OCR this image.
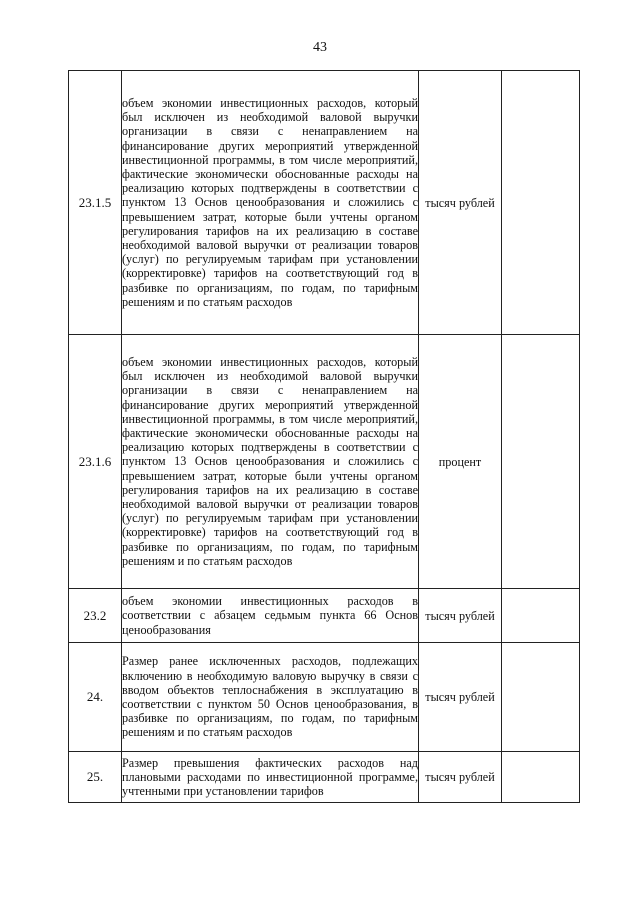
43
23.1.5	объем экономии инвестиционных расходов, который был исключен из необходимой валовой выручки организации в связи с ненаправлением на финансирование других мероприятий утвержденной инвестиционной программы, в том числе мероприятий, фактические экономически обоснованные расходы на реализацию которых подтверждены в соответствии с пунктом 13 Основ ценообразования и сложились с превышением затрат, которые были учтены органом регулирования тарифов на их реализацию в составе необходимой валовой выручки от реализации товаров (услуг) по регулируемым тарифам при установлении (корректировке) тарифов на соответствующий год в разбивке по организациям, по годам, по тарифным решениям и по статьям расходов	тысяч рублей	
23.1.6	объем экономии инвестиционных расходов, который был исключен из необходимой валовой выручки организации в связи с ненаправлением на финансирование других мероприятий утвержденной инвестиционной программы, в том числе мероприятий, фактические экономически обоснованные расходы на реализацию которых подтверждены в соответствии с пунктом 13 Основ ценообразования и сложились с превышением затрат, которые были учтены органом регулирования тарифов на их реализацию в составе необходимой валовой выручки от реализации товаров (услуг) по регулируемым тарифам при установлении (корректировке) тарифов на соответствующий год в разбивке по организациям, по годам, по тарифным решениям и по статьям расходов	процент	
23.2	объем экономии инвестиционных расходов в соответствии с абзацем седьмым пункта 66 Основ ценообразования	тысяч рублей	
24.	Размер ранее исключенных расходов, подлежащих включению в необходимую валовую выручку в связи с вводом объектов теплоснабжения в эксплуатацию в соответствии с пунктом 50 Основ ценообразования, в разбивке по организациям, по годам, по тарифным решениям и по статьям расходов	тысяч рублей	
25.	Размер превышения фактических расходов над плановыми расходами по инвестиционной программе, учтенными при установлении тарифов	тысяч рублей	
